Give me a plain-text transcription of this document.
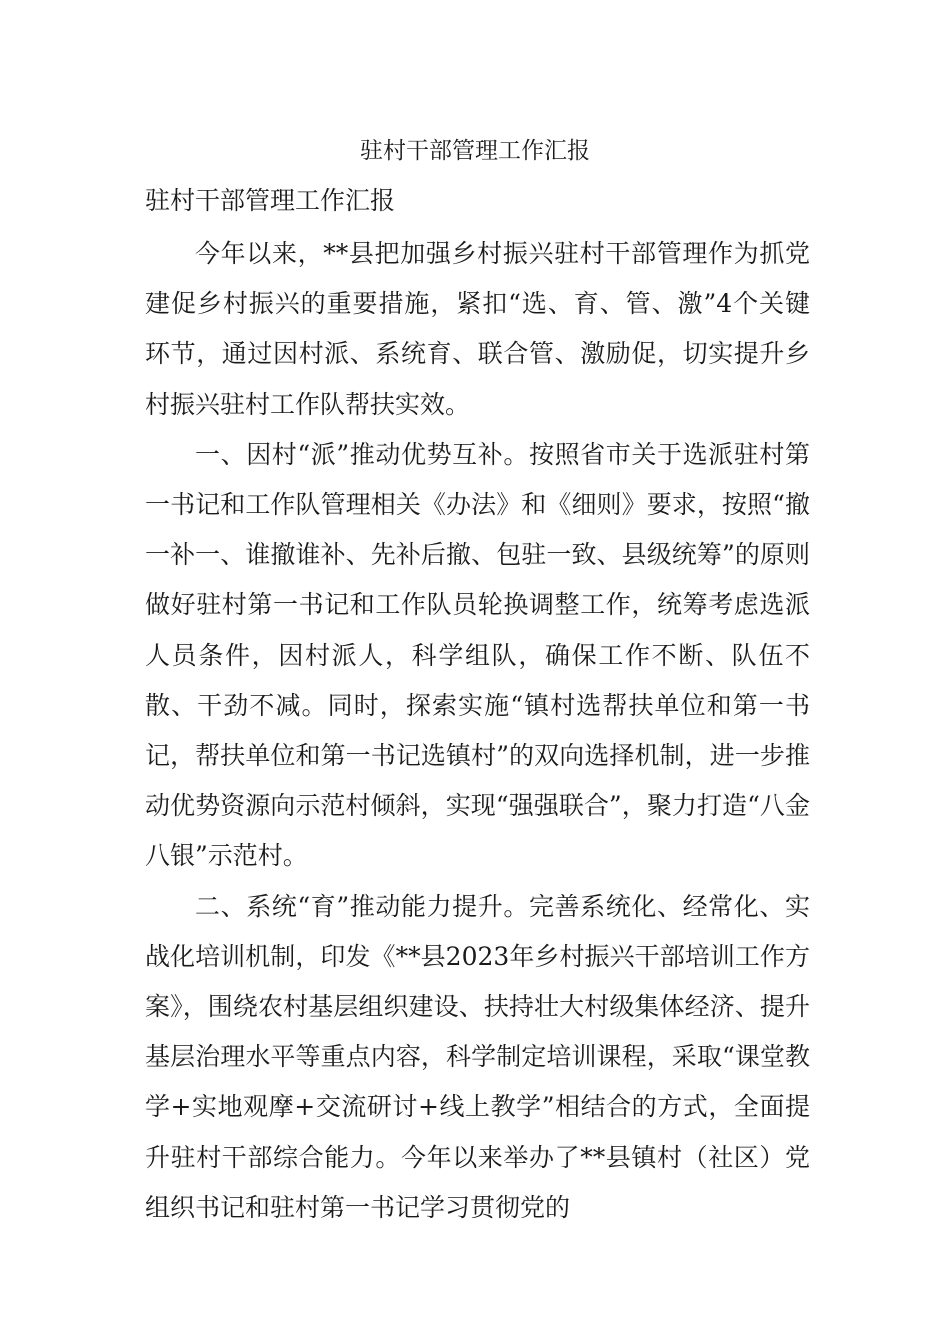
驻村干部管理工作汇报
驻村干部管理工作汇报

今年以来，**县把加强乡村振兴驻村干部管理作为抓党建促乡村振兴的重要措施，紧扣“选、育、管、激”4个关键环节，通过因村派、系统育、联合管、激励促，切实提升乡村振兴驻村工作队帮扶实效。

一、因村“派”推动优势互补。按照省市关于选派驻村第一书记和工作队管理相关《办法》和《细则》要求，按照“撤一补一、谁撤谁补、先补后撤、包驻一致、县级统筹”的原则做好驻村第一书记和工作队员轮换调整工作，统筹考虑选派人员条件，因村派人，科学组队，确保工作不断、队伍不散、干劲不减。同时，探索实施“镇村选帮扶单位和第一书记，帮扶单位和第一书记选镇村”的双向选择机制，进一步推动优势资源向示范村倾斜，实现“强强联合”，聚力打造“八金八银”示范村。

二、系统“育”推动能力提升。完善系统化、经常化、实战化培训机制，印发《**县2023年乡村振兴干部培训工作方案》，围绕农村基层组织建设、扶持壮大村级集体经济、提升基层治理水平等重点内容，科学制定培训课程，采取“课堂教学+实地观摩+交流研讨+线上教学”相结合的方式，全面提升驻村干部综合能力。今年以来举办了**县镇村（社区）党组织书记和驻村第一书记学习贯彻党的
